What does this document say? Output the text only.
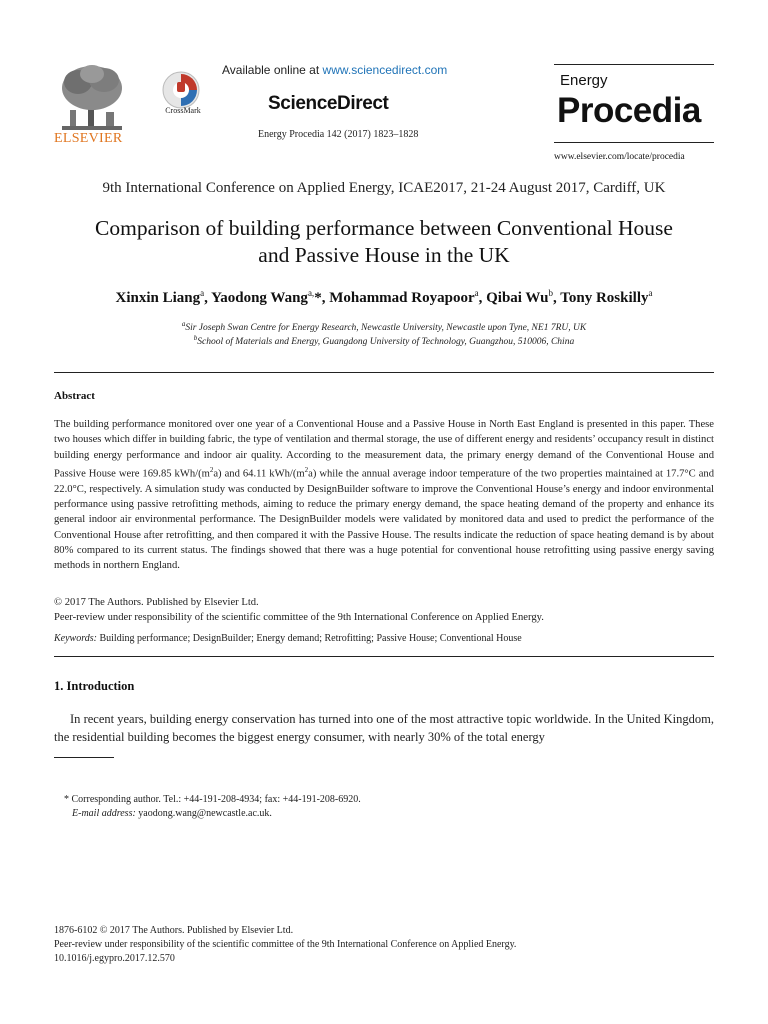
ELSEVIER
CrossMark
Available online at www.sciencedirect.com
ScienceDirect
Energy Procedia 142 (2017) 1823–1828
Energy
Procedia
www.elsevier.com/locate/procedia
9th International Conference on Applied Energy, ICAE2017, 21-24 August 2017, Cardiff, UK
Comparison of building performance between Conventional House
and Passive House in the UK
Xinxin Liang$^a$, Yaodong Wang$^{a,}$*, Mohammad Royapoor$^a$, Qibai Wu$^b$, Tony Roskilly$^a$
$^a$Sir Joseph Swan Centre for Energy Research, Newcastle University, Newcastle upon Tyne, NE1 7RU, UK
$^b$School of Materials and Energy, Guangdong University of Technology, Guangzhou, 510006, China
Abstract
The building performance monitored over one year of a Conventional House and a Passive House in North East England is presented in this paper. These two houses which differ in building fabric, the type of ventilation and thermal storage, the use of different energy and residents’ occupancy result in distinct building energy performance and indoor air quality. According to the measurement data, the primary energy demand of the Conventional House and Passive House were 169.85 kWh/$(m^2a)$ and 64.11 kWh/$(m^2a)$ while the annual average indoor temperature of the two properties maintained at 17.7°C and 22.0°C, respectively. A simulation study was conducted by DesignBuilder software to improve the Conventional House’s energy and indoor environmental performance using passive retrofitting methods, aiming to reduce the primary energy demand, the space heating demand of the property and enhance its general indoor air environmental performance. The DesignBuilder models were validated by monitored data and used to predict the performance of the Conventional House after retrofitting, and then compared it with the Passive House. The results indicate the reduction of space heating demand is by about 80% compared to its current status. The findings showed that there was a huge potential for conventional house retrofitting using passive energy saving methods in northern England.
© 2017 The Authors. Published by Elsevier Ltd.
Peer-review under responsibility of the scientific committee of the 9th International Conference on Applied Energy.
Keywords: Building performance; DesignBuilder; Energy demand; Retrofitting; Passive House; Conventional House
1. Introduction
In recent years, building energy conservation has turned into one of the most attractive topic worldwide. In the United Kingdom, the residential building becomes the biggest energy consumer, with nearly 30% of the total energy
* Corresponding author. Tel.: +44-191-208-4934; fax: +44-191-208-6920.
E-mail address: yaodong.wang@newcastle.ac.uk.
1876-6102 © 2017 The Authors. Published by Elsevier Ltd.
Peer-review under responsibility of the scientific committee of the 9th International Conference on Applied Energy.
10.1016/j.egypro.2017.12.570
